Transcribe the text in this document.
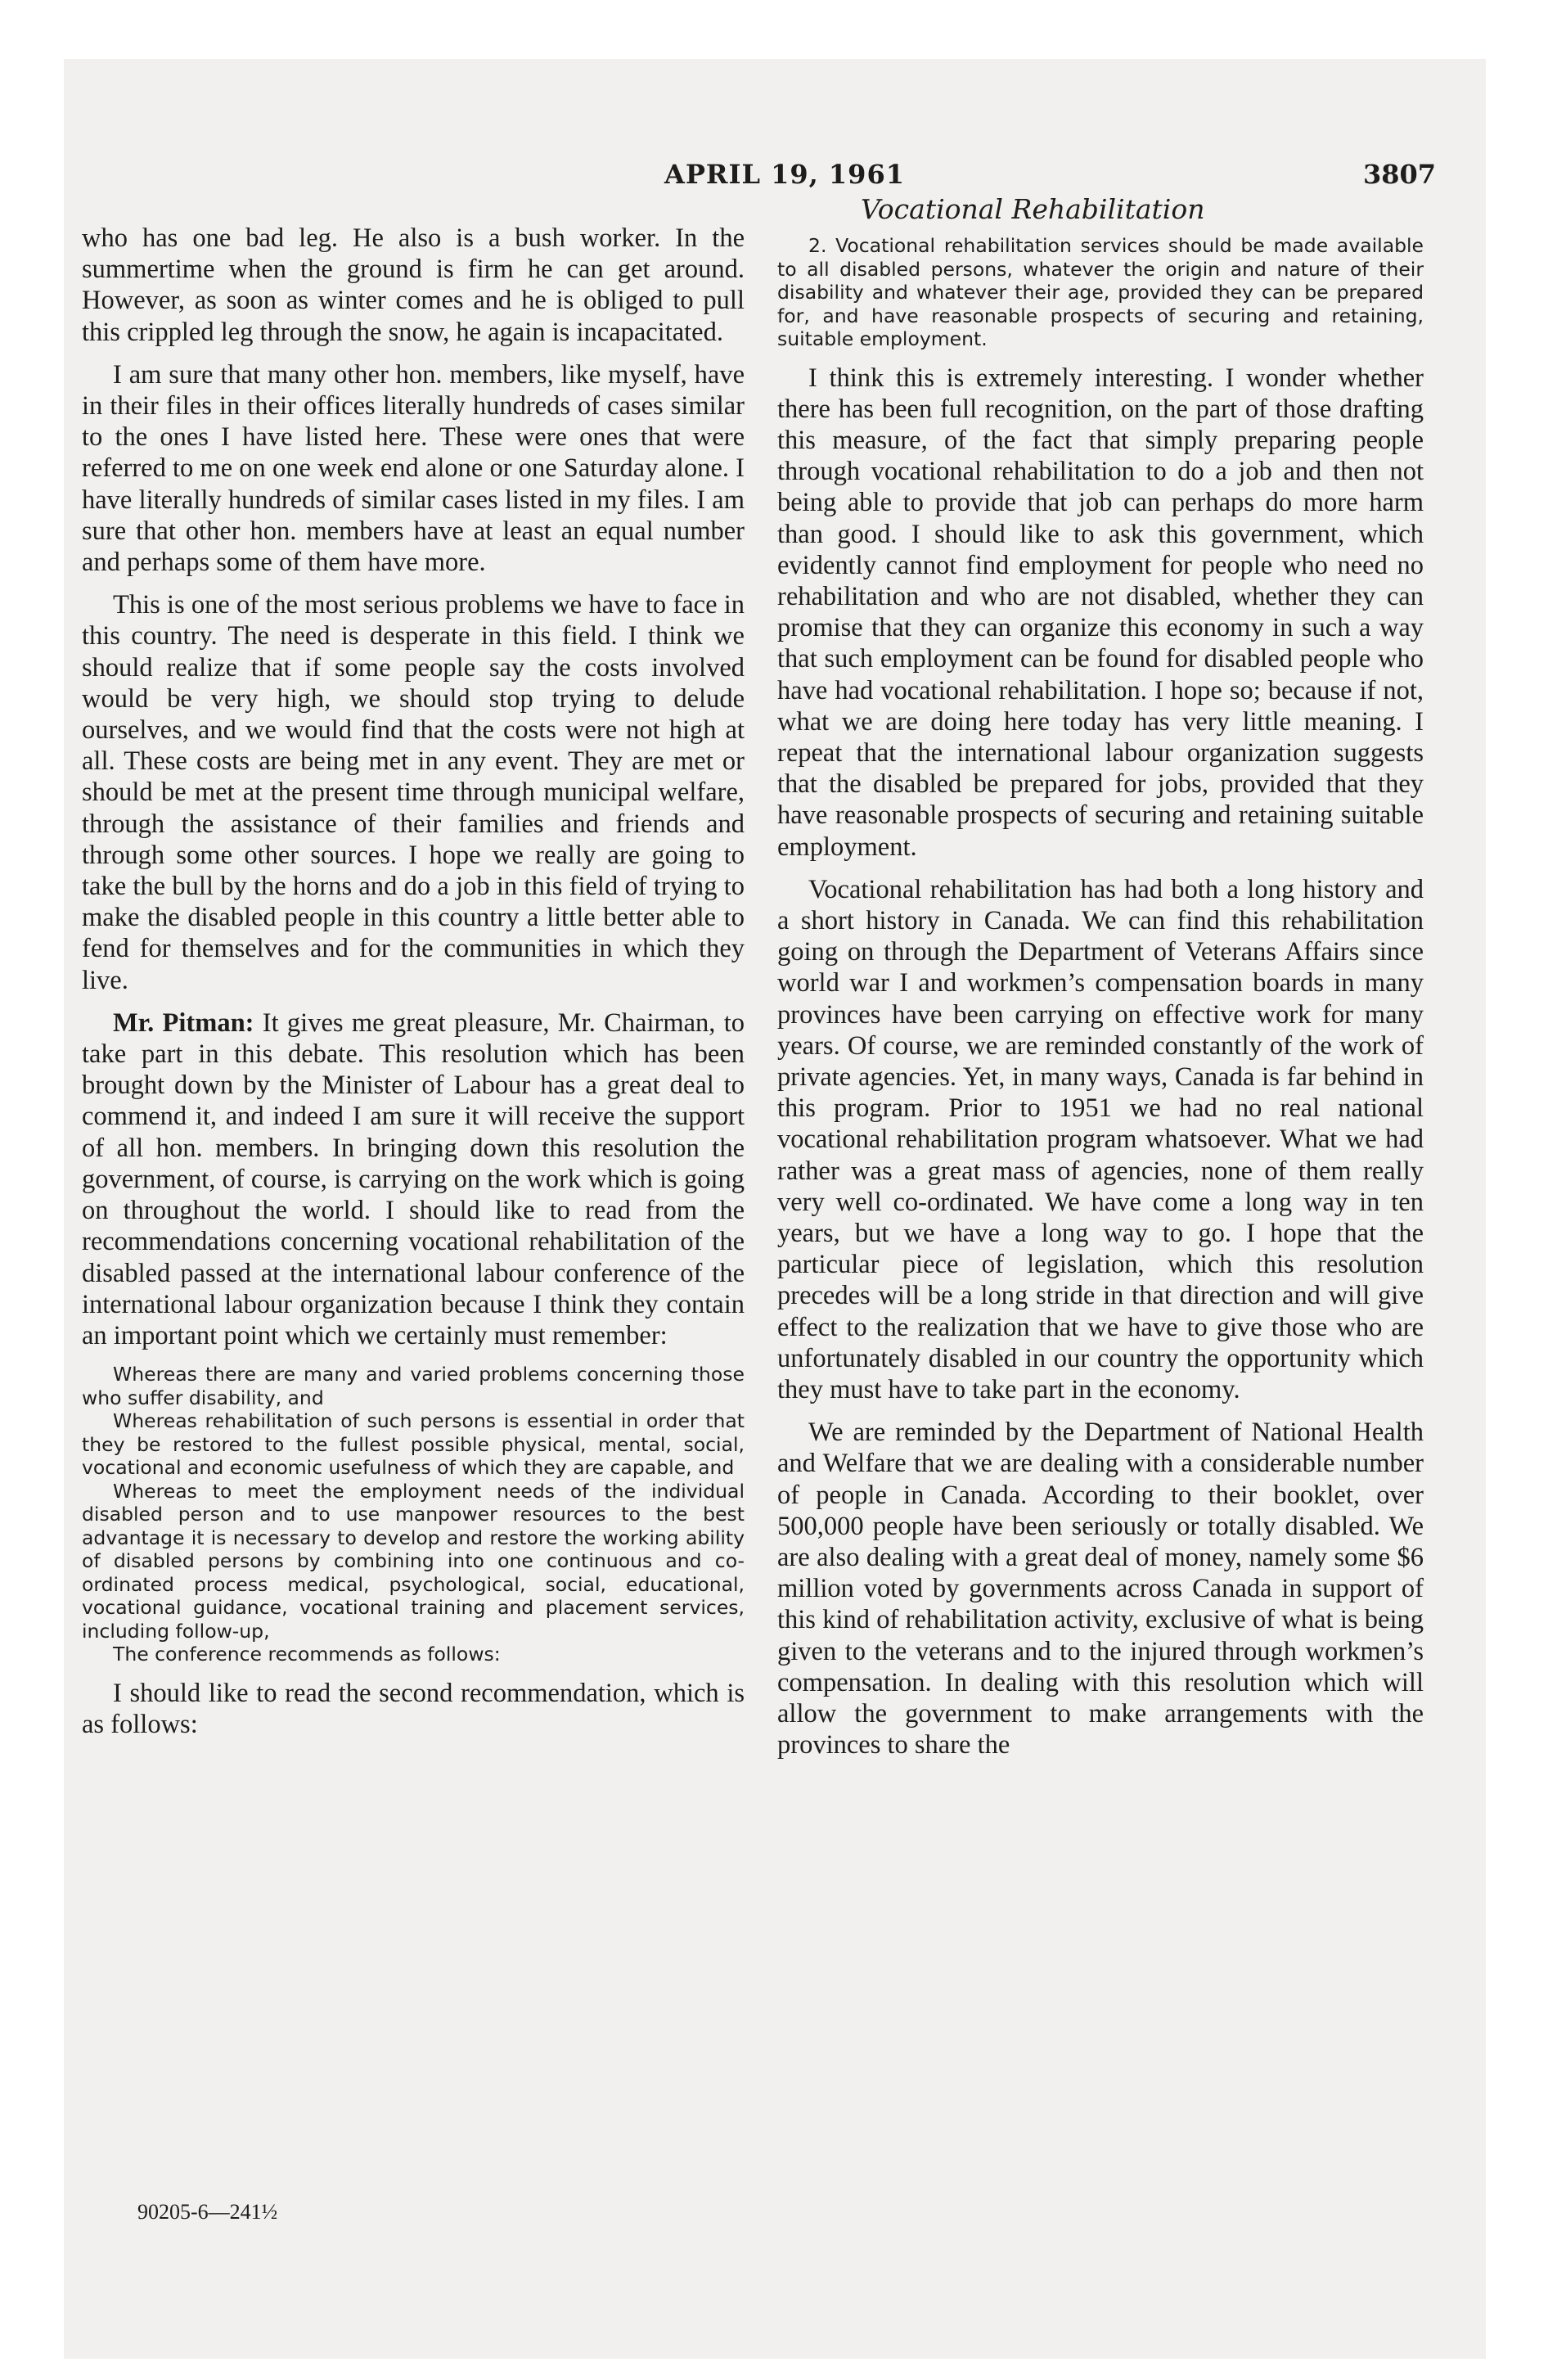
APRIL 19, 1961	3807
Vocational Rehabilitation

who has one bad leg. He also is a bush worker. In the summertime when the ground is firm he can get around. However, as soon as winter comes and he is obliged to pull this crippled leg through the snow, he again is incapacitated.

I am sure that many other hon. members, like myself, have in their files in their offices literally hundreds of cases similar to the ones I have listed here. These were ones that were referred to me on one week end alone or one Saturday alone. I have literally hundreds of similar cases listed in my files. I am sure that other hon. members have at least an equal number and perhaps some of them have more.

This is one of the most serious problems we have to face in this country. The need is desperate in this field. I think we should realize that if some people say the costs involved would be very high, we should stop trying to delude ourselves, and we would find that the costs were not high at all. These costs are being met in any event. They are met or should be met at the present time through municipal welfare, through the assistance of their families and friends and through some other sources. I hope we really are going to take the bull by the horns and do a job in this field of trying to make the disabled people in this country a little better able to fend for themselves and for the communities in which they live.

Mr. Pitman: It gives me great pleasure, Mr. Chairman, to take part in this debate. This resolution which has been brought down by the Minister of Labour has a great deal to commend it, and indeed I am sure it will receive the support of all hon. members. In bringing down this resolution the government, of course, is carrying on the work which is going on throughout the world. I should like to read from the recommendations concerning vocational rehabilitation of the disabled passed at the international labour conference of the international labour organization because I think they contain an important point which we certainly must remember:

Whereas there are many and varied problems concerning those who suffer disability, and

Whereas rehabilitation of such persons is essential in order that they be restored to the fullest possible physical, mental, social, vocational and economic usefulness of which they are capable, and

Whereas to meet the employment needs of the individual disabled person and to use manpower resources to the best advantage it is necessary to develop and restore the working ability of disabled persons by combining into one continuous and co-ordinated process medical, psychological, social, educational, vocational guidance, vocational training and placement services, including follow-up,

The conference recommends as follows:

I should like to read the second recommendation, which is as follows:

2. Vocational rehabilitation services should be made available to all disabled persons, whatever the origin and nature of their disability and whatever their age, provided they can be prepared for, and have reasonable prospects of securing and retaining, suitable employment.

I think this is extremely interesting. I wonder whether there has been full recognition, on the part of those drafting this measure, of the fact that simply preparing people through vocational rehabilitation to do a job and then not being able to provide that job can perhaps do more harm than good. I should like to ask this government, which evidently cannot find employment for people who need no rehabilitation and who are not disabled, whether they can promise that they can organize this economy in such a way that such employment can be found for disabled people who have had vocational rehabilitation. I hope so; because if not, what we are doing here today has very little meaning. I repeat that the international labour organization suggests that the disabled be prepared for jobs, provided that they have reasonable prospects of securing and retaining suitable employment.

Vocational rehabilitation has had both a long history and a short history in Canada. We can find this rehabilitation going on through the Department of Veterans Affairs since world war I and workmen’s compensation boards in many provinces have been carrying on effective work for many years. Of course, we are reminded constantly of the work of private agencies. Yet, in many ways, Canada is far behind in this program. Prior to 1951 we had no real national vocational rehabilitation program whatsoever. What we had rather was a great mass of agencies, none of them really very well co-ordinated. We have come a long way in ten years, but we have a long way to go. I hope that the particular piece of legislation, which this resolution precedes will be a long stride in that direction and will give effect to the realization that we have to give those who are unfortunately disabled in our country the opportunity which they must have to take part in the economy.

We are reminded by the Department of National Health and Welfare that we are dealing with a considerable number of people in Canada. According to their booklet, over 500,000 people have been seriously or totally disabled. We are also dealing with a great deal of money, namely some $6 million voted by governments across Canada in support of this kind of rehabilitation activity, exclusive of what is being given to the veterans and to the injured through workmen’s compensation. In dealing with this resolution which will allow the government to make arrangements with the provinces to share the

90205-6—241½
